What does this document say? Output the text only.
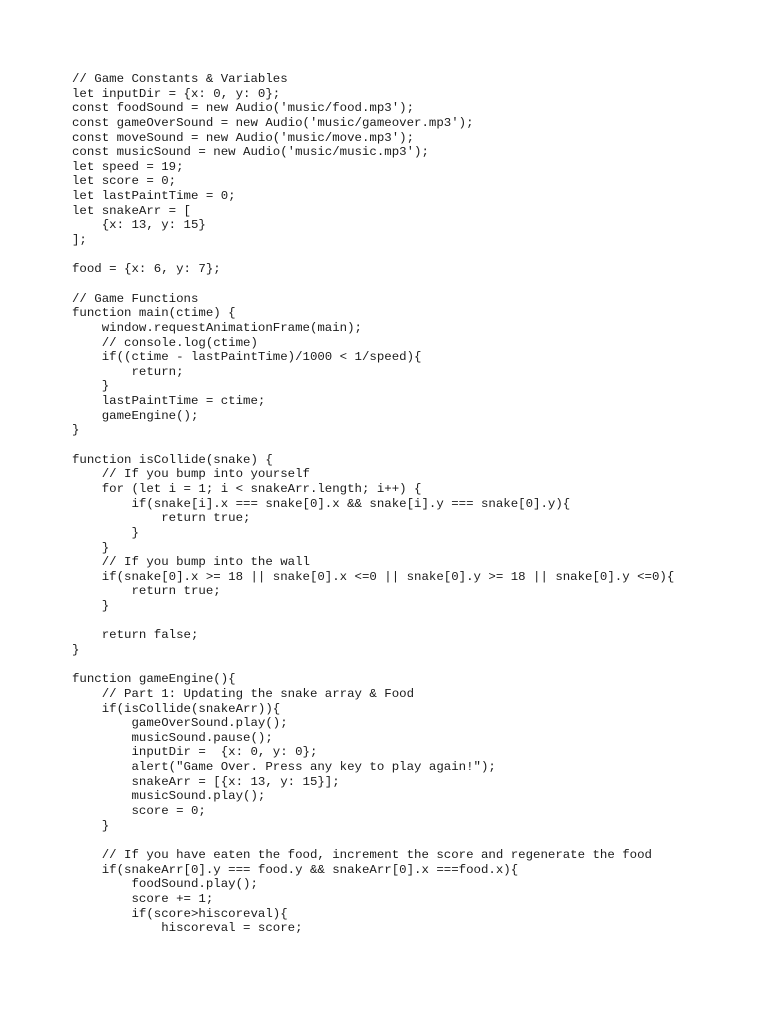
// Game Constants & Variables
let inputDir = {x: 0, y: 0};
const foodSound = new Audio('music/food.mp3');
const gameOverSound = new Audio('music/gameover.mp3');
const moveSound = new Audio('music/move.mp3');
const musicSound = new Audio('music/music.mp3');
let speed = 19;
let score = 0;
let lastPaintTime = 0;
let snakeArr = [
{x: 13, y: 15}
];
food = {x: 6, y: 7};
// Game Functions
function main(ctime) {
window.requestAnimationFrame(main);
// console.log(ctime)
if((ctime - lastPaintTime)/1000 < 1/speed){
return;
}
lastPaintTime = ctime;
gameEngine();
}
function isCollide(snake) {
// If you bump into yourself
for (let i = 1; i < snakeArr.length; i++) {
if(snake[i].x === snake[0].x && snake[i].y === snake[0].y){
return true;
}
}
// If you bump into the wall
if(snake[0].x >= 18 || snake[0].x <=0 || snake[0].y >= 18 || snake[0].y <=0){
return true;
}
return false;
}
function gameEngine(){
// Part 1: Updating the snake array & Food
if(isCollide(snakeArr)){
gameOverSound.play();
musicSound.pause();
inputDir =  {x: 0, y: 0};
alert("Game Over. Press any key to play again!");
snakeArr = [{x: 13, y: 15}];
musicSound.play();
score = 0;
}
// If you have eaten the food, increment the score and regenerate the food
if(snakeArr[0].y === food.y && snakeArr[0].x ===food.x){
foodSound.play();
score += 1;
if(score>hiscoreval){
hiscoreval = score;
